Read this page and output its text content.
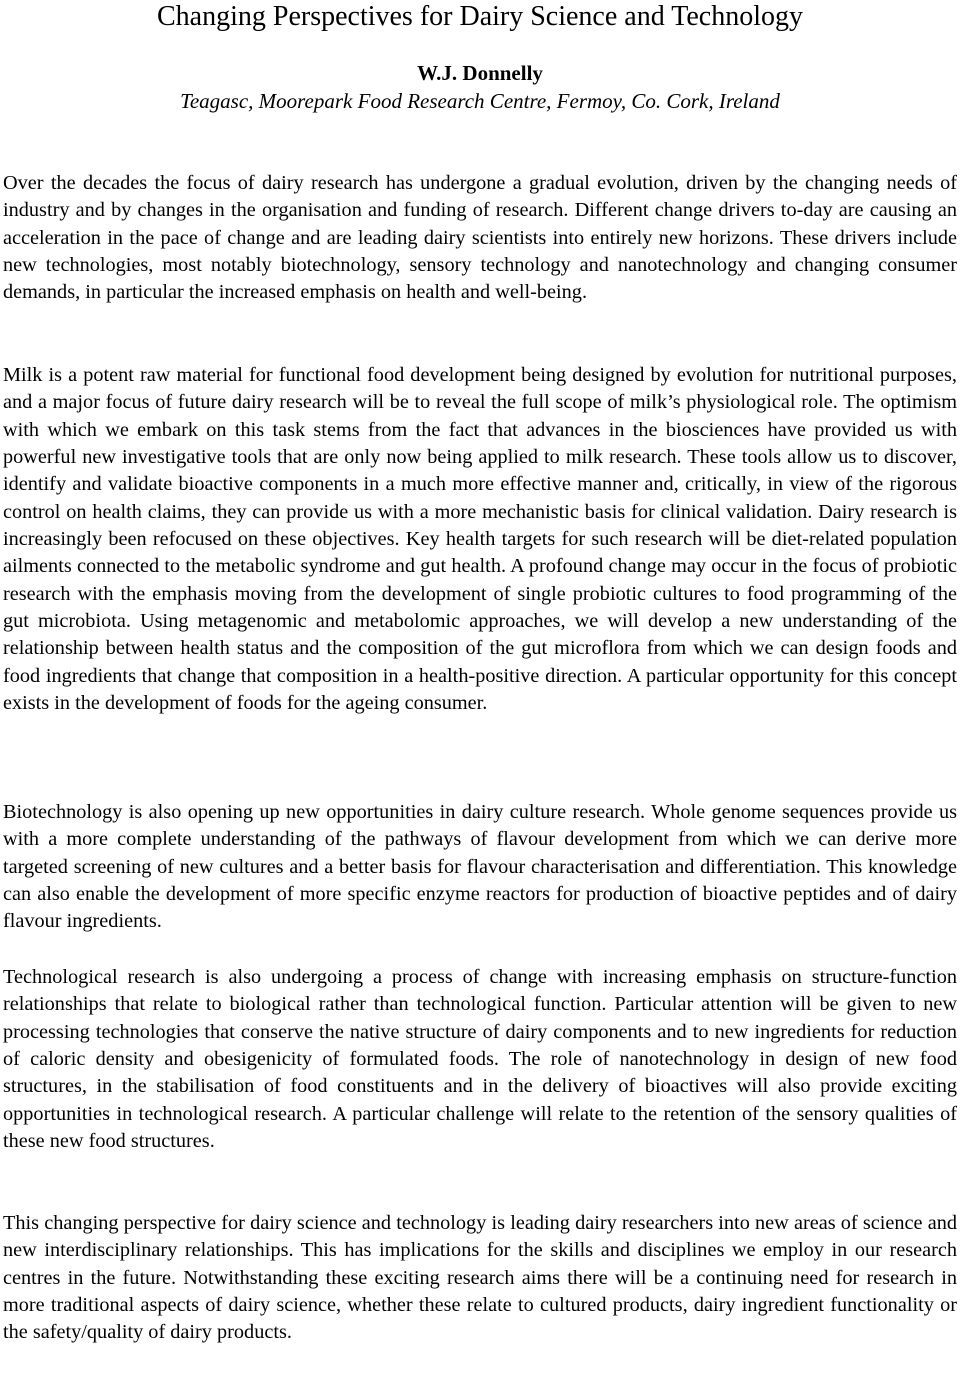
Changing Perspectives for Dairy Science and Technology

W.J. Donnelly

Teagasc, Moorepark Food Research Centre, Fermoy, Co. Cork, Ireland

Over the decades the focus of dairy research has undergone a gradual evolution, driven by the changing needs of industry and by changes in the organisation and funding of research. Different change drivers to-day are causing an acceleration in the pace of change and are leading dairy scientists into entirely new horizons. These drivers include new technologies, most notably biotechnology, sensory technology and nanotechnology and changing consumer demands, in particular the increased emphasis on health and well-being.

Milk is a potent raw material for functional food development being designed by evolution for nutritional purposes, and a major focus of future dairy research will be to reveal the full scope of milk’s physiological role. The optimism with which we embark on this task stems from the fact that advances in the biosciences have provided us with powerful new investigative tools that are only now being applied to milk research. These tools allow us to discover, identify and validate bioactive components in a much more effective manner and, critically, in view of the rigorous control on health claims, they can provide us with a more mechanistic basis for clinical validation. Dairy research is increasingly been refocused on these objectives. Key health targets for such research will be diet-related population ailments connected to the metabolic syndrome and gut health. A profound change may occur in the focus of probiotic research with the emphasis moving from the development of single probiotic cultures to food programming of the gut microbiota. Using metagenomic and metabolomic approaches, we will develop a new understanding of the relationship between health status and the composition of the gut microflora from which we can design foods and food ingredients that change that composition in a health-positive direction. A particular opportunity for this concept exists in the development of foods for the ageing consumer.

Biotechnology is also opening up new opportunities in dairy culture research. Whole genome sequences provide us with a more complete understanding of the pathways of flavour development from which we can derive more targeted screening of new cultures and a better basis for flavour characterisation and differentiation. This knowledge can also enable the development of more specific enzyme reactors for production of bioactive peptides and of dairy flavour ingredients.

Technological research is also undergoing a process of change with increasing emphasis on structure-function relationships that relate to biological rather than technological function. Particular attention will be given to new processing technologies that conserve the native structure of dairy components and to new ingredients for reduction of caloric density and obesigenicity of formulated foods. The role of nanotechnology in design of new food structures, in the stabilisation of food constituents and in the delivery of bioactives will also provide exciting opportunities in technological research. A particular challenge will relate to the retention of the sensory qualities of these new food structures.

This changing perspective for dairy science and technology is leading dairy researchers into new areas of science and new interdisciplinary relationships. This has implications for the skills and disciplines we employ in our research centres in the future. Notwithstanding these exciting research aims there will be a continuing need for research in more traditional aspects of dairy science, whether these relate to cultured products, dairy ingredient functionality or the safety/quality of dairy products.
